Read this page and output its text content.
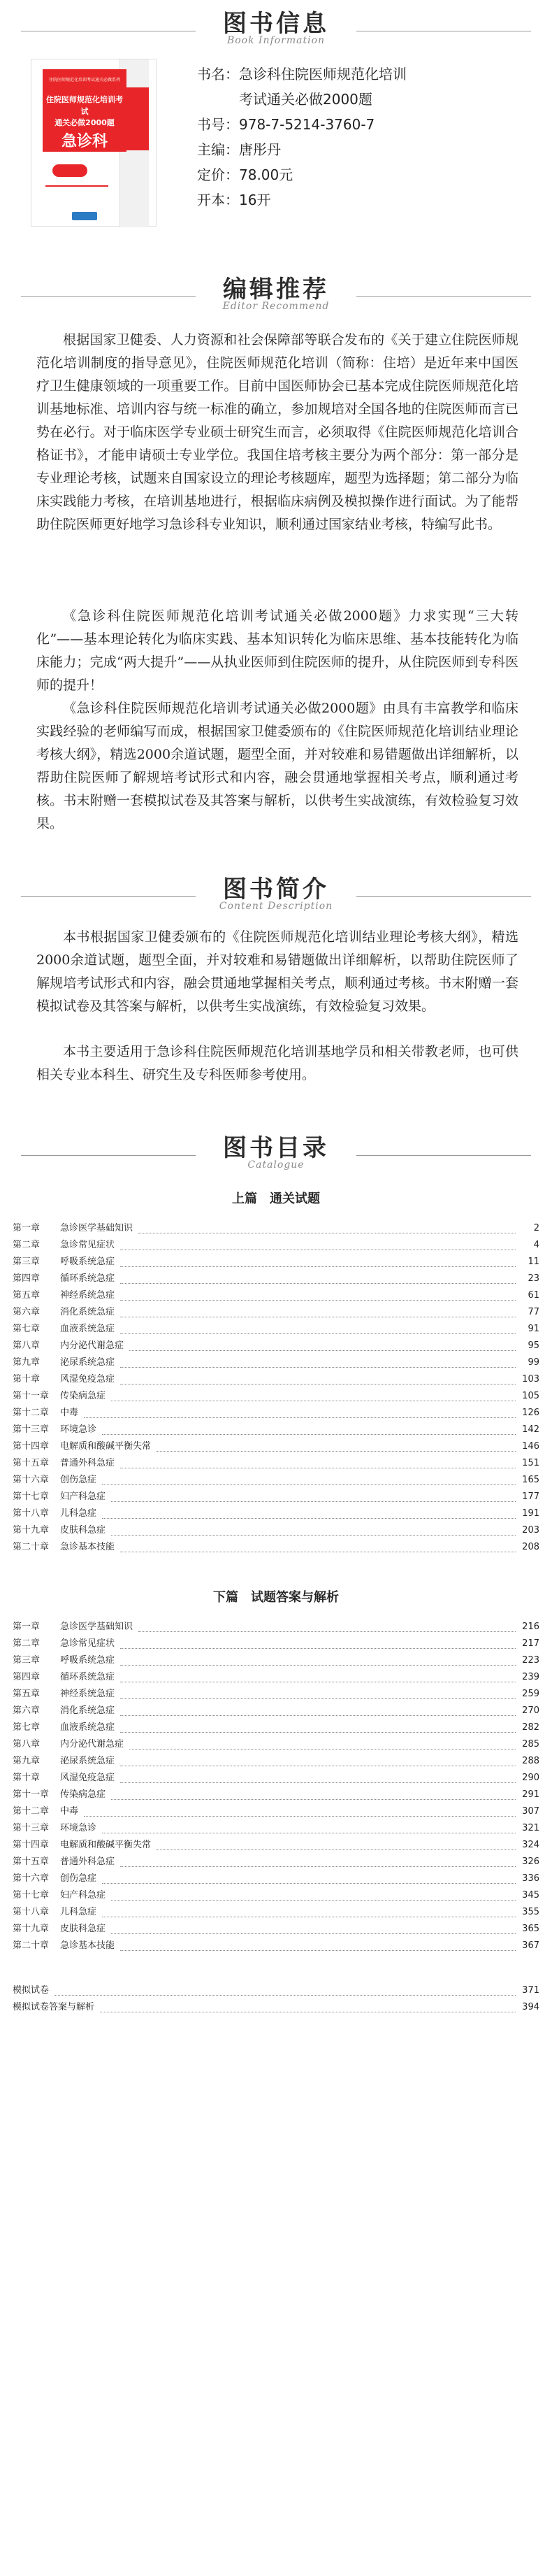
图书信息
Book Information
住院医师规范化培训考试通关必做系列
住院医师规范化培训考试
通关必做2000题
急诊科
书名：急诊科住院医师规范化培训
考试通关必做2000题
书号：978-7-5214-3760-7
主编：唐彤丹
定价：78.00元
开本：16开
编辑推荐
Editor Recommend
根据国家卫健委、人力资源和社会保障部等联合发布的《关于建立住院医师规范化培训制度的指导意见》，住院医师规范化培训（简称：住培）是近年来中国医疗卫生健康领域的一项重要工作。目前中国医师协会已基本完成住院医师规范化培训基地标准、培训内容与统一标准的确立，参加规培对全国各地的住院医师而言已势在必行。对于临床医学专业硕士研究生而言，必须取得《住院医师规范化培训合格证书》，才能申请硕士专业学位。我国住培考核主要分为两个部分：第一部分是专业理论考核，试题来自国家设立的理论考核题库，题型为选择题；第二部分为临床实践能力考核，在培训基地进行，根据临床病例及模拟操作进行面试。为了能帮助住院医师更好地学习急诊科专业知识，顺利通过国家结业考核，特编写此书。
《急诊科住院医师规范化培训考试通关必做2000题》力求实现“三大转化”——基本理论转化为临床实践、基本知识转化为临床思维、基本技能转化为临床能力；完成“两大提升”——从执业医师到住院医师的提升，从住院医师到专科医师的提升！
《急诊科住院医师规范化培训考试通关必做2000题》由具有丰富教学和临床实践经验的老师编写而成，根据国家卫健委颁布的《住院医师规范化培训结业理论考核大纲》，精选2000余道试题，题型全面，并对较难和易错题做出详细解析，以帮助住院医师了解规培考试形式和内容，融会贯通地掌握相关考点，顺利通过考核。书末附赠一套模拟试卷及其答案与解析，以供考生实战演练，有效检验复习效果。
图书简介
Content Description
本书根据国家卫健委颁布的《住院医师规范化培训结业理论考核大纲》，精选2000余道试题，题型全面，并对较难和易错题做出详细解析，以帮助住院医师了解规培考试形式和内容，融会贯通地掌握相关考点，顺利通过考核。书末附赠一套模拟试卷及其答案与解析，以供考生实战演练，有效检验复习效果。
本书主要适用于急诊科住院医师规范化培训基地学员和相关带教老师，也可供相关专业本科生、研究生及专科医师参考使用。
图书目录
Catalogue
上篇　通关试题
第一章	急诊医学基础知识	2
第二章	急诊常见症状	4
第三章	呼吸系统急症	11
第四章	循环系统急症	23
第五章	神经系统急症	61
第六章	消化系统急症	77
第七章	血液系统急症	91
第八章	内分泌代谢急症	95
第九章	泌尿系统急症	99
第十章	风湿免疫急症	103
第十一章	传染病急症	105
第十二章	中毒	126
第十三章	环境急诊	142
第十四章	电解质和酸碱平衡失常	146
第十五章	普通外科急症	151
第十六章	创伤急症	165
第十七章	妇产科急症	177
第十八章	儿科急症	191
第十九章	皮肤科急症	203
第二十章	急诊基本技能	208
下篇　试题答案与解析
第一章	急诊医学基础知识	216
第二章	急诊常见症状	217
第三章	呼吸系统急症	223
第四章	循环系统急症	239
第五章	神经系统急症	259
第六章	消化系统急症	270
第七章	血液系统急症	282
第八章	内分泌代谢急症	285
第九章	泌尿系统急症	288
第十章	风湿免疫急症	290
第十一章	传染病急症	291
第十二章	中毒	307
第十三章	环境急诊	321
第十四章	电解质和酸碱平衡失常	324
第十五章	普通外科急症	326
第十六章	创伤急症	336
第十七章	妇产科急症	345
第十八章	儿科急症	355
第十九章	皮肤科急症	365
第二十章	急诊基本技能	367
模拟试卷	371
模拟试卷答案与解析	394
